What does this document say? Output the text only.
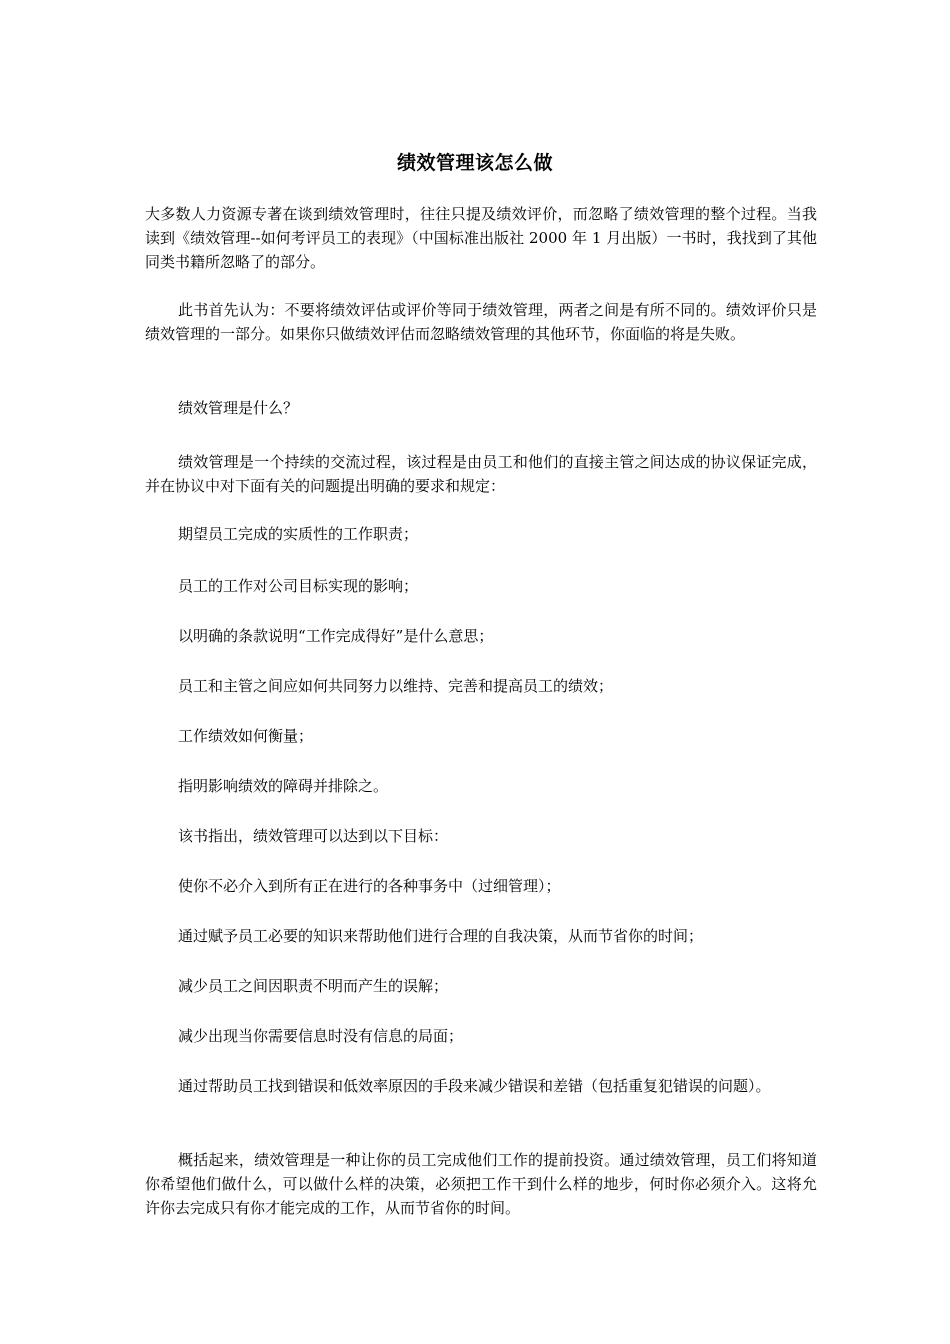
绩效管理该怎么做

大多数人力资源专著在谈到绩效管理时，往往只提及绩效评价，而忽略了绩效管理的整个过程。当我读到《绩效管理--如何考评员工的表现》（中国标准出版社 2000 年 1 月出版）一书时，我找到了其他同类书籍所忽略了的部分。

此书首先认为：不要将绩效评估或评价等同于绩效管理，两者之间是有所不同的。绩效评价只是绩效管理的一部分。如果你只做绩效评估而忽略绩效管理的其他环节，你面临的将是失败。

绩效管理是什么？

绩效管理是一个持续的交流过程，该过程是由员工和他们的直接主管之间达成的协议保证完成，并在协议中对下面有关的问题提出明确的要求和规定：

期望员工完成的实质性的工作职责；

员工的工作对公司目标实现的影响；

以明确的条款说明“工作完成得好”是什么意思；

员工和主管之间应如何共同努力以维持、完善和提高员工的绩效；

工作绩效如何衡量；

指明影响绩效的障碍并排除之。

该书指出，绩效管理可以达到以下目标：

使你不必介入到所有正在进行的各种事务中（过细管理）；

通过赋予员工必要的知识来帮助他们进行合理的自我决策，从而节省你的时间；

减少员工之间因职责不明而产生的误解；

减少出现当你需要信息时没有信息的局面；

通过帮助员工找到错误和低效率原因的手段来减少错误和差错（包括重复犯错误的问题）。

概括起来，绩效管理是一种让你的员工完成他们工作的提前投资。通过绩效管理，员工们将知道你希望他们做什么，可以做什么样的决策，必须把工作干到什么样的地步，何时你必须介入。这将允许你去完成只有你才能完成的工作，从而节省你的时间。
